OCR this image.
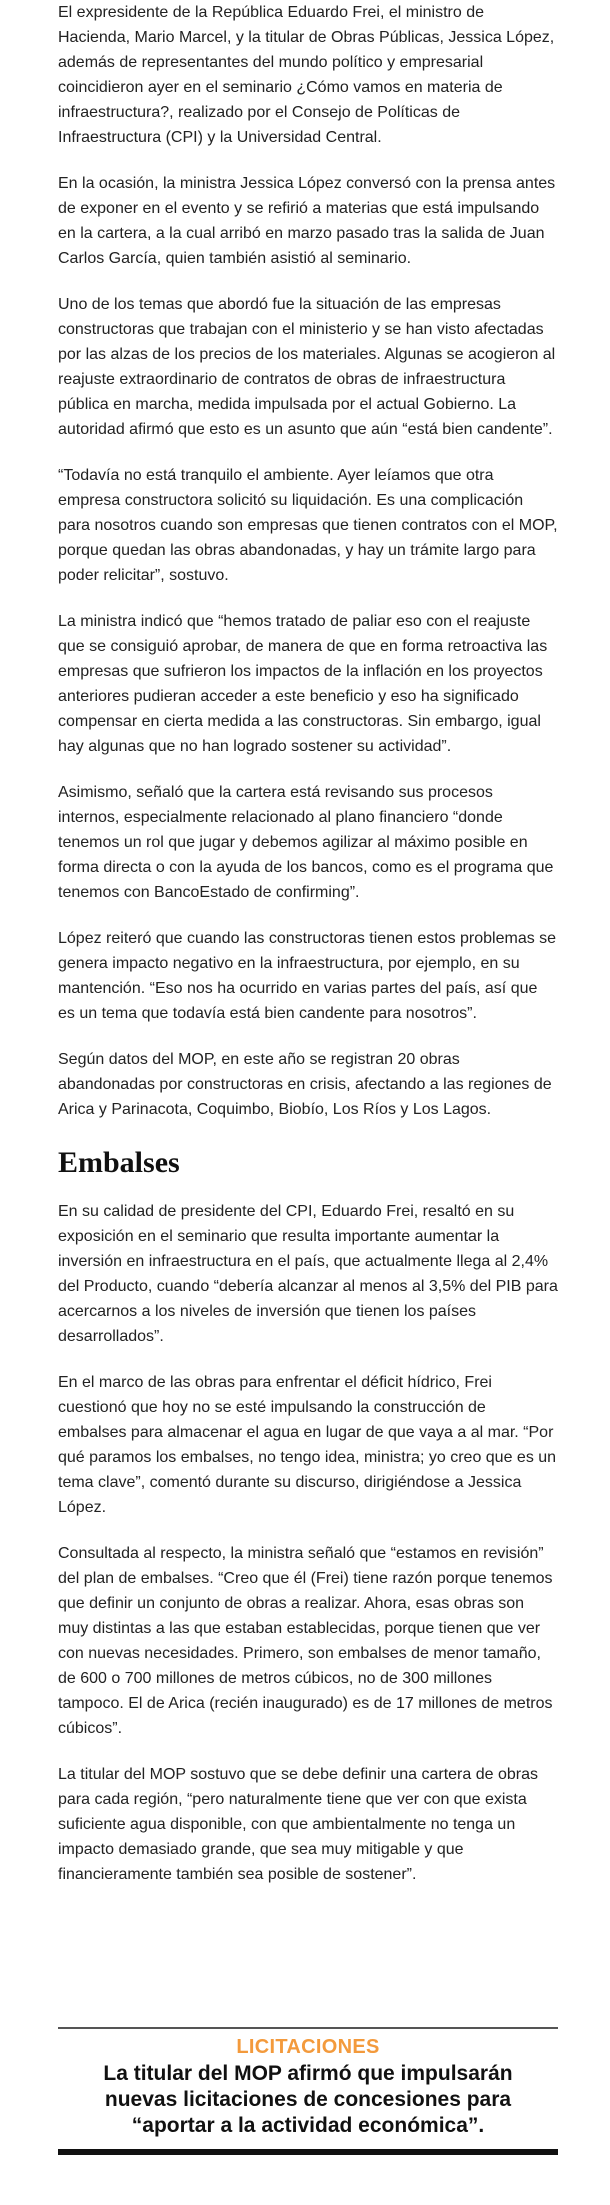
El expresidente de la República Eduardo Frei, el ministro de Hacienda, Mario Marcel, y la titular de Obras Públicas, Jessica López, además de representantes del mundo político y empresarial coincidieron ayer en el seminario ¿Cómo vamos en materia de infraestructura?, realizado por el Consejo de Políticas de Infraestructura (CPI) y la Universidad Central.

En la ocasión, la ministra Jessica López conversó con la prensa antes de exponer en el evento y se refirió a materias que está impulsando en la cartera, a la cual arribó en marzo pasado tras la salida de Juan Carlos García, quien también asistió al seminario.

Uno de los temas que abordó fue la situación de las empresas constructoras que trabajan con el ministerio y se han visto afectadas por las alzas de los precios de los materiales. Algunas se acogieron al reajuste extraordinario de contratos de obras de infraestructura pública en marcha, medida impulsada por el actual Gobierno. La autoridad afirmó que esto es un asunto que aún “está bien candente”.

“Todavía no está tranquilo el ambiente. Ayer leíamos que otra empresa constructora solicitó su liquidación. Es una complicación para nosotros cuando son empresas que tienen contratos con el MOP, porque quedan las obras abandonadas, y hay un trámite largo para poder relicitar”, sostuvo.

La ministra indicó que “hemos tratado de paliar eso con el reajuste que se consiguió aprobar, de manera de que en forma retroactiva las empresas que sufrieron los impactos de la inflación en los proyectos anteriores pudieran acceder a este beneficio y eso ha significado compensar en cierta medida a las constructoras. Sin embargo, igual hay algunas que no han logrado sostener su actividad”.

Asimismo, señaló que la cartera está revisando sus procesos internos, especialmente relacionado al plano financiero “donde tenemos un rol que jugar y debemos agilizar al máximo posible en forma directa o con la ayuda de los bancos, como es el programa que tenemos con BancoEstado de confirming”.

López reiteró que cuando las constructoras tienen estos problemas se genera impacto negativo en la infraestructura, por ejemplo, en su mantención. “Eso nos ha ocurrido en varias partes del país, así que es un tema que todavía está bien candente para nosotros”.

Según datos del MOP, en este año se registran 20 obras abandonadas por constructoras en crisis, afectando a las regiones de Arica y Parinacota, Coquimbo, Biobío, Los Ríos y Los Lagos.

Embalses

En su calidad de presidente del CPI, Eduardo Frei, resaltó en su exposición en el seminario que resulta importante aumentar la inversión en infraestructura en el país, que actualmente llega al 2,4% del Producto, cuando “debería alcanzar al menos al 3,5% del PIB para acercarnos a los niveles de inversión que tienen los países desarrollados”.

En el marco de las obras para enfrentar el déficit hídrico, Frei cuestionó que hoy no se esté impulsando la construcción de embalses para almacenar el agua en lugar de que vaya a al mar. “Por qué paramos los embalses, no tengo idea, ministra; yo creo que es un tema clave”, comentó durante su discurso, dirigiéndose a Jessica López.

Consultada al respecto, la ministra señaló que “estamos en revisión” del plan de embalses. “Creo que él (Frei) tiene razón porque tenemos que definir un conjunto de obras a realizar. Ahora, esas obras son muy distintas a las que estaban establecidas, porque tienen que ver con nuevas necesidades. Primero, son embalses de menor tamaño, de 600 o 700 millones de metros cúbicos, no de 300 millones tampoco. El de Arica (recién inaugurado) es de 17 millones de metros cúbicos”.

La titular del MOP sostuvo que se debe definir una cartera de obras para cada región, “pero naturalmente tiene que ver con que exista suficiente agua disponible, con que ambientalmente no tenga un impacto demasiado grande, que sea muy mitigable y que financieramente también sea posible de sostener”.

LICITACIONES
La titular del MOP afirmó que impulsarán nuevas licitaciones de concesiones para “aportar a la actividad económica”.
